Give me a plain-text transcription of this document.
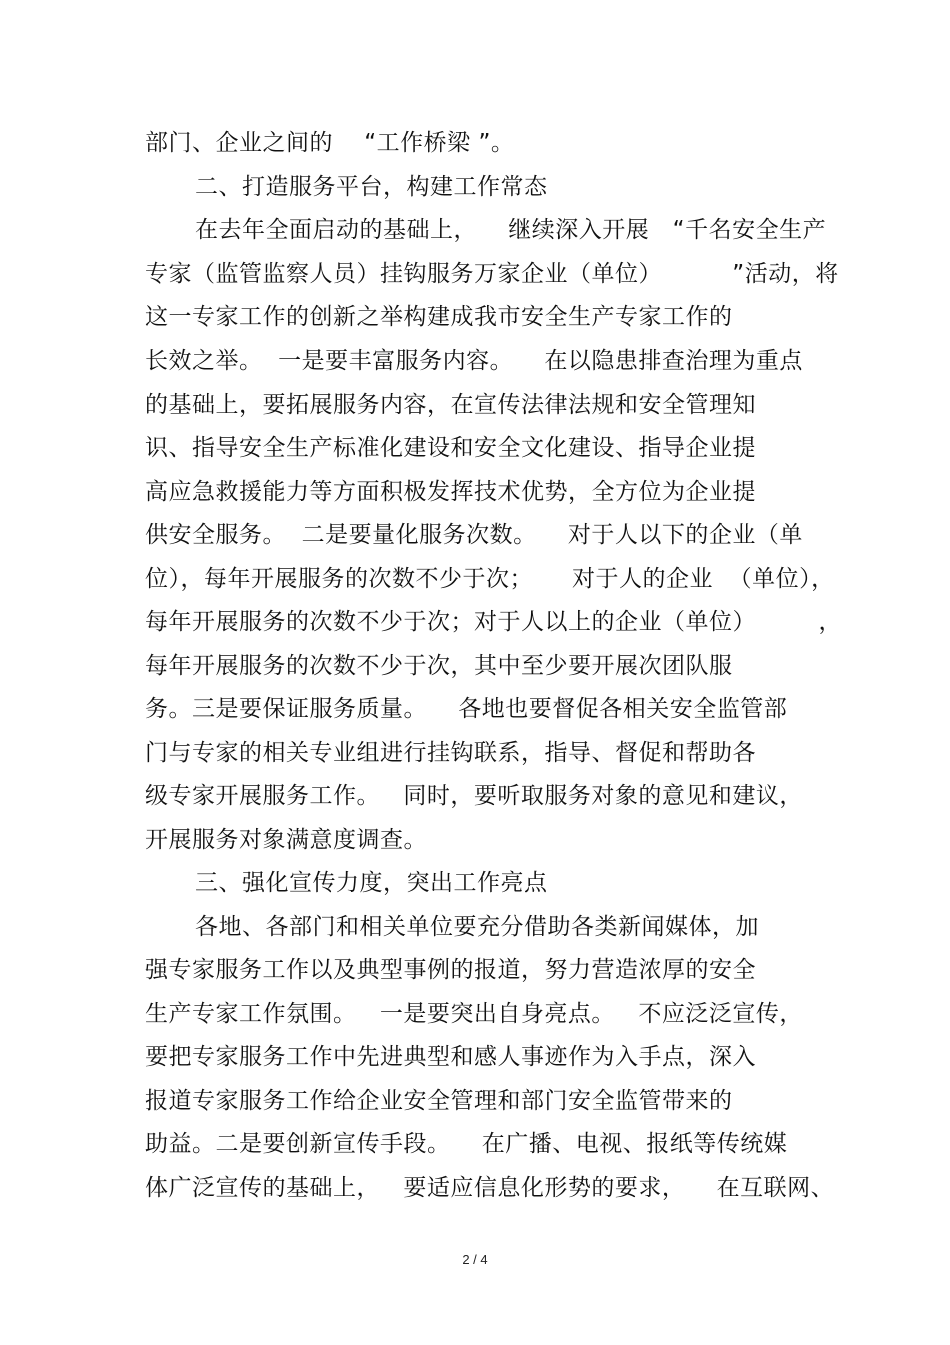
部门、企业之间的    “工作桥梁 ”。
二、打造服务平台，构建工作常态
在去年全面启动的基础上，    继续深入开展   “千名安全生产
专家（监管监察人员）挂钩服务万家企业（单位）         ”活动，将
这一专家工作的创新之举构建成我市安全生产专家工作的
长效之举。  一是要丰富服务内容。    在以隐患排查治理为重点
的基础上，要拓展服务内容，在宣传法律法规和安全管理知
识、指导安全生产标准化建设和安全文化建设、指导企业提
高应急救援能力等方面积极发挥技术优势，全方位为企业提
供安全服务。  二是要量化服务次数。    对于人以下的企业（单
位），每年开展服务的次数不少于次；     对于人的企业  （单位），
每年开展服务的次数不少于次；对于人以上的企业（单位）        ，
每年开展服务的次数不少于次，其中至少要开展次团队服
务。三是要保证服务质量。    各地也要督促各相关安全监管部
门与专家的相关专业组进行挂钩联系，指导、督促和帮助各
级专家开展服务工作。   同时，要听取服务对象的意见和建议，
开展服务对象满意度调查。
三、强化宣传力度，突出工作亮点
各地、各部门和相关单位要充分借助各类新闻媒体，加
强专家服务工作以及典型事例的报道，努力营造浓厚的安全
生产专家工作氛围。   一是要突出自身亮点。   不应泛泛宣传，
要把专家服务工作中先进典型和感人事迹作为入手点，深入
报道专家服务工作给企业安全管理和部门安全监管带来的
助益。二是要创新宣传手段。    在广播、电视、报纸等传统媒
体广泛宣传的基础上，   要适应信息化形势的要求，    在互联网、
2 / 4
